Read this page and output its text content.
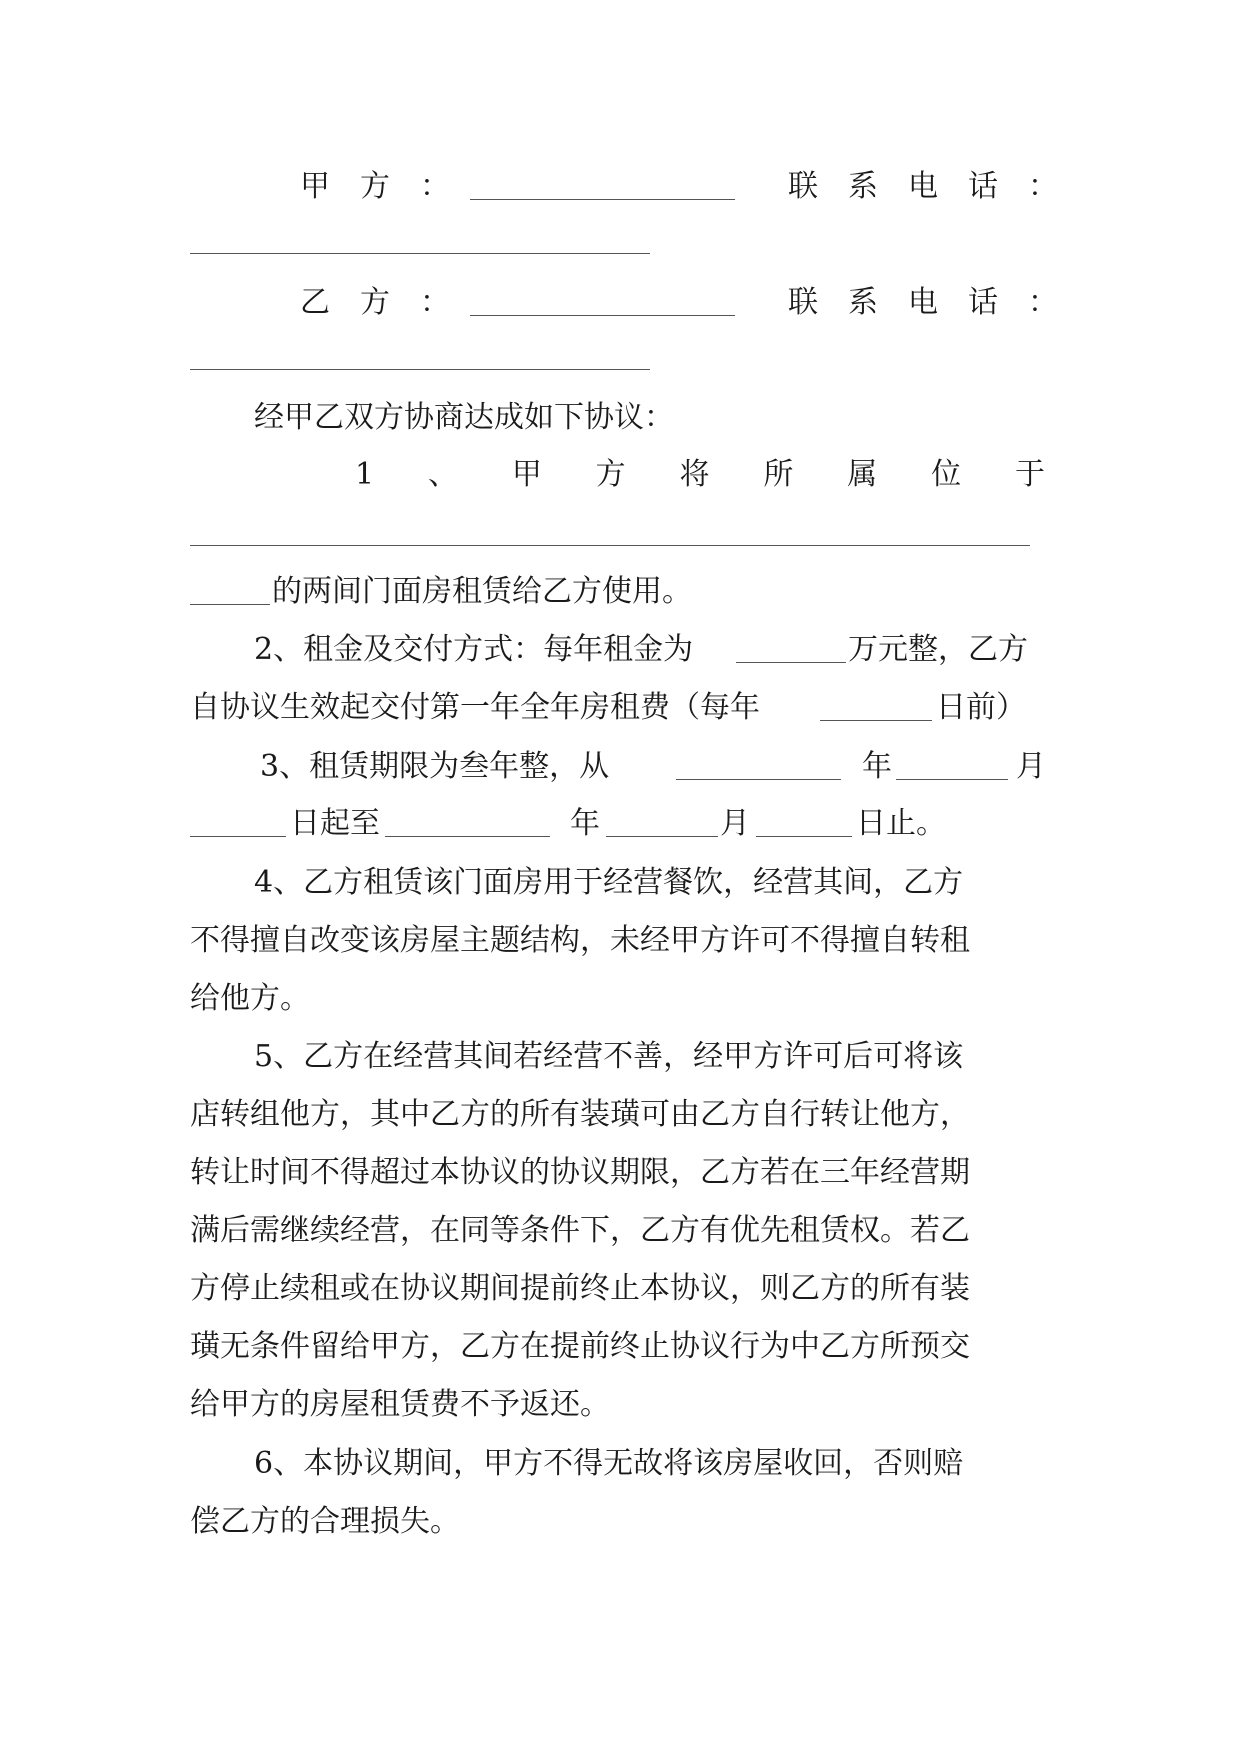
甲　方　：	联　系　电　话　：
乙　方　：	联　系　电　话　：
经甲乙双方协商达成如下协议：
1 、 甲 方 将 所 属 位 于
的两间门面房租赁给乙方使用。
2、租金及交付方式：每年租金为	万元整，乙方
自协议生效起交付第一年全年房租费（每年	日前）
3、租赁期限为叁年整，从	年	月
日起至	年	月	日止。
4、乙方租赁该门面房用于经营餐饮，经营其间，乙方
不得擅自改变该房屋主题结构，未经甲方许可不得擅自转租
给他方。
5、乙方在经营其间若经营不善，经甲方许可后可将该
店转组他方，其中乙方的所有装璜可由乙方自行转让他方，
转让时间不得超过本协议的协议期限，乙方若在三年经营期
满后需继续经营，在同等条件下，乙方有优先租赁权。若乙
方停止续租或在协议期间提前终止本协议，则乙方的所有装
璜无条件留给甲方，乙方在提前终止协议行为中乙方所预交
给甲方的房屋租赁费不予返还。
6、本协议期间，甲方不得无故将该房屋收回，否则赔
偿乙方的合理损失。
